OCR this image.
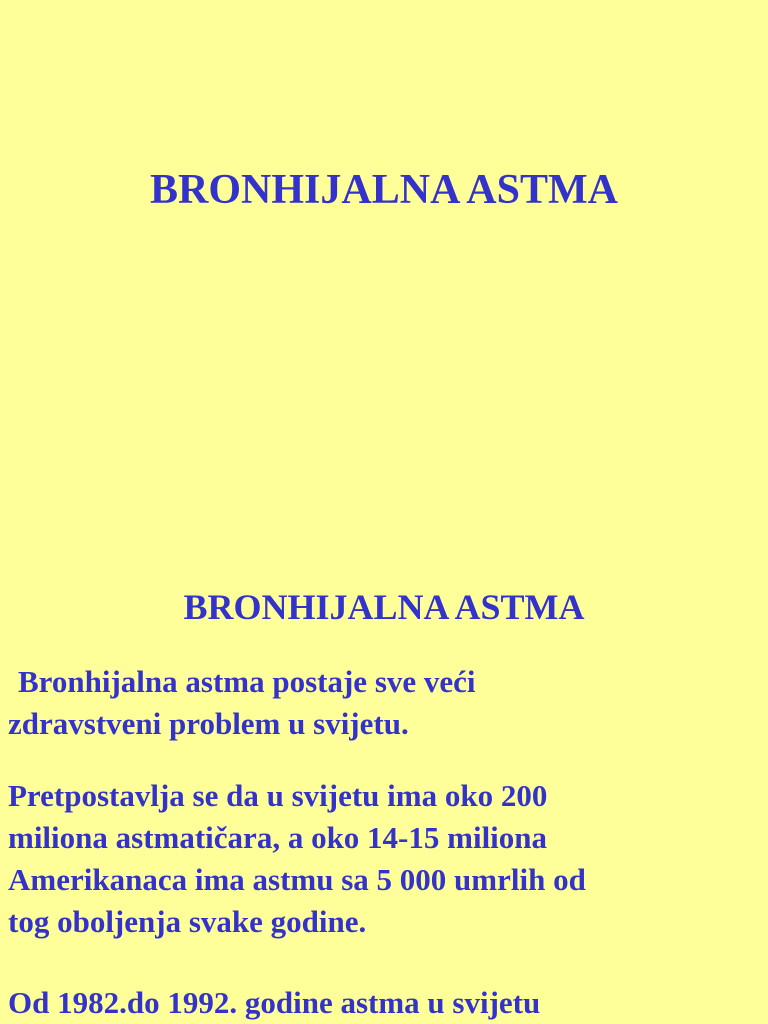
BRONHIJALNA ASTMA
BRONHIJALNA ASTMA

Bronhijalna astma postaje sve veći
zdravstveni problem u svijetu.

Pretpostavlja se da u svijetu ima oko 200
miliona astmatičara, a oko 14-15 miliona
Amerikanaca ima astmu sa 5 000 umrlih od
tog oboljenja svake godine.

Od 1982.do 1992. godine astma u svijetu
